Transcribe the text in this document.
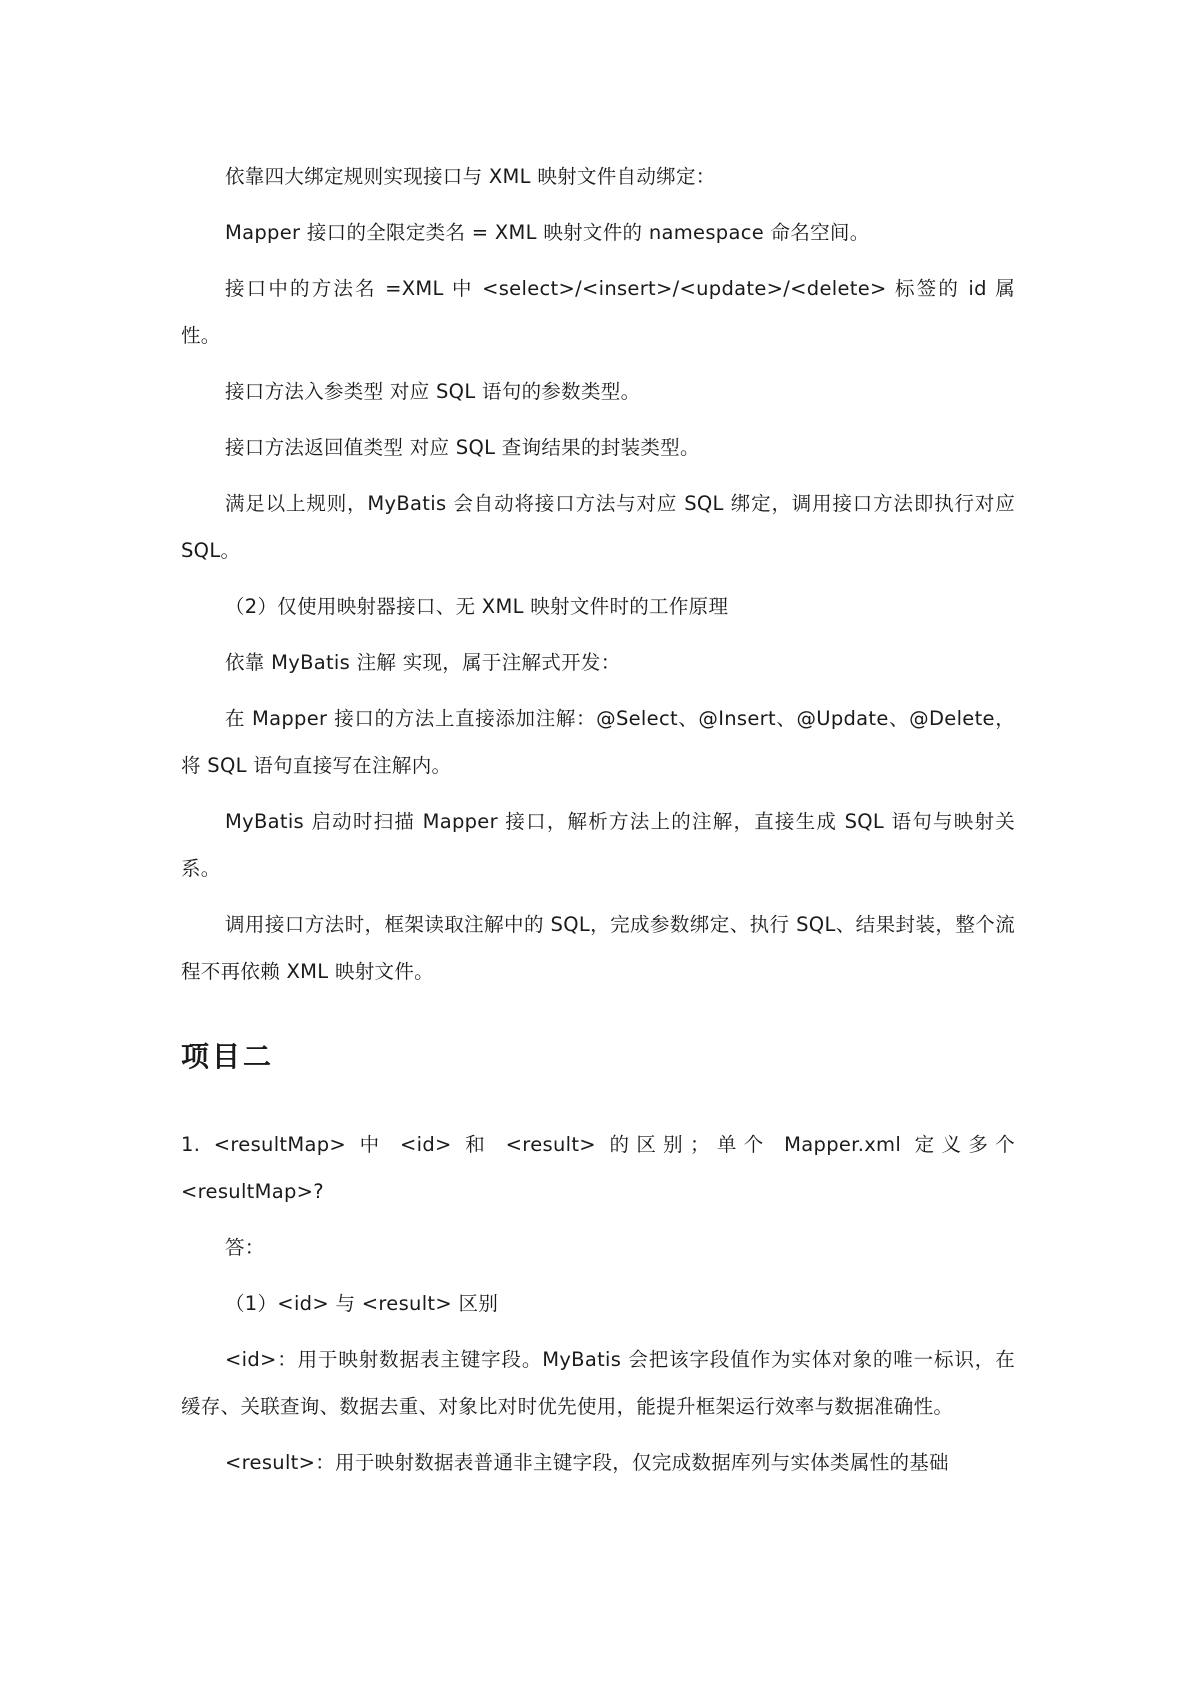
依靠四大绑定规则实现接口与 XML 映射文件自动绑定：

Mapper 接口的全限定类名 = XML 映射文件的 namespace 命名空间。

接口中的方法名 =XML 中 <select>/<insert>/<update>/<delete> 标签的 id 属性。

接口方法入参类型 对应 SQL 语句的参数类型。

接口方法返回值类型 对应 SQL 查询结果的封装类型。

满足以上规则，MyBatis 会自动将接口方法与对应 SQL 绑定，调用接口方法即执行对应 SQL。

（2）仅使用映射器接口、无 XML 映射文件时的工作原理

依靠 MyBatis 注解 实现，属于注解式开发：

在 Mapper 接口的方法上直接添加注解：@Select、@Insert、@Update、@Delete，将 SQL 语句直接写在注解内。

MyBatis 启动时扫描 Mapper 接口，解析方法上的注解，直接生成 SQL 语句与映射关系。

调用接口方法时，框架读取注解中的 SQL，完成参数绑定、执行 SQL、结果封装，整个流程不再依赖 XML 映射文件。

项目二

1. <resultMap> 中 <id> 和 <result> 的区别；单个 Mapper.xml 定义多个 <resultMap>?

答：

（1）<id> 与 <result> 区别

<id>：用于映射数据表主键字段。MyBatis 会把该字段值作为实体对象的唯一标识，在缓存、关联查询、数据去重、对象比对时优先使用，能提升框架运行效率与数据准确性。

<result>：用于映射数据表普通非主键字段，仅完成数据库列与实体类属性的基础
